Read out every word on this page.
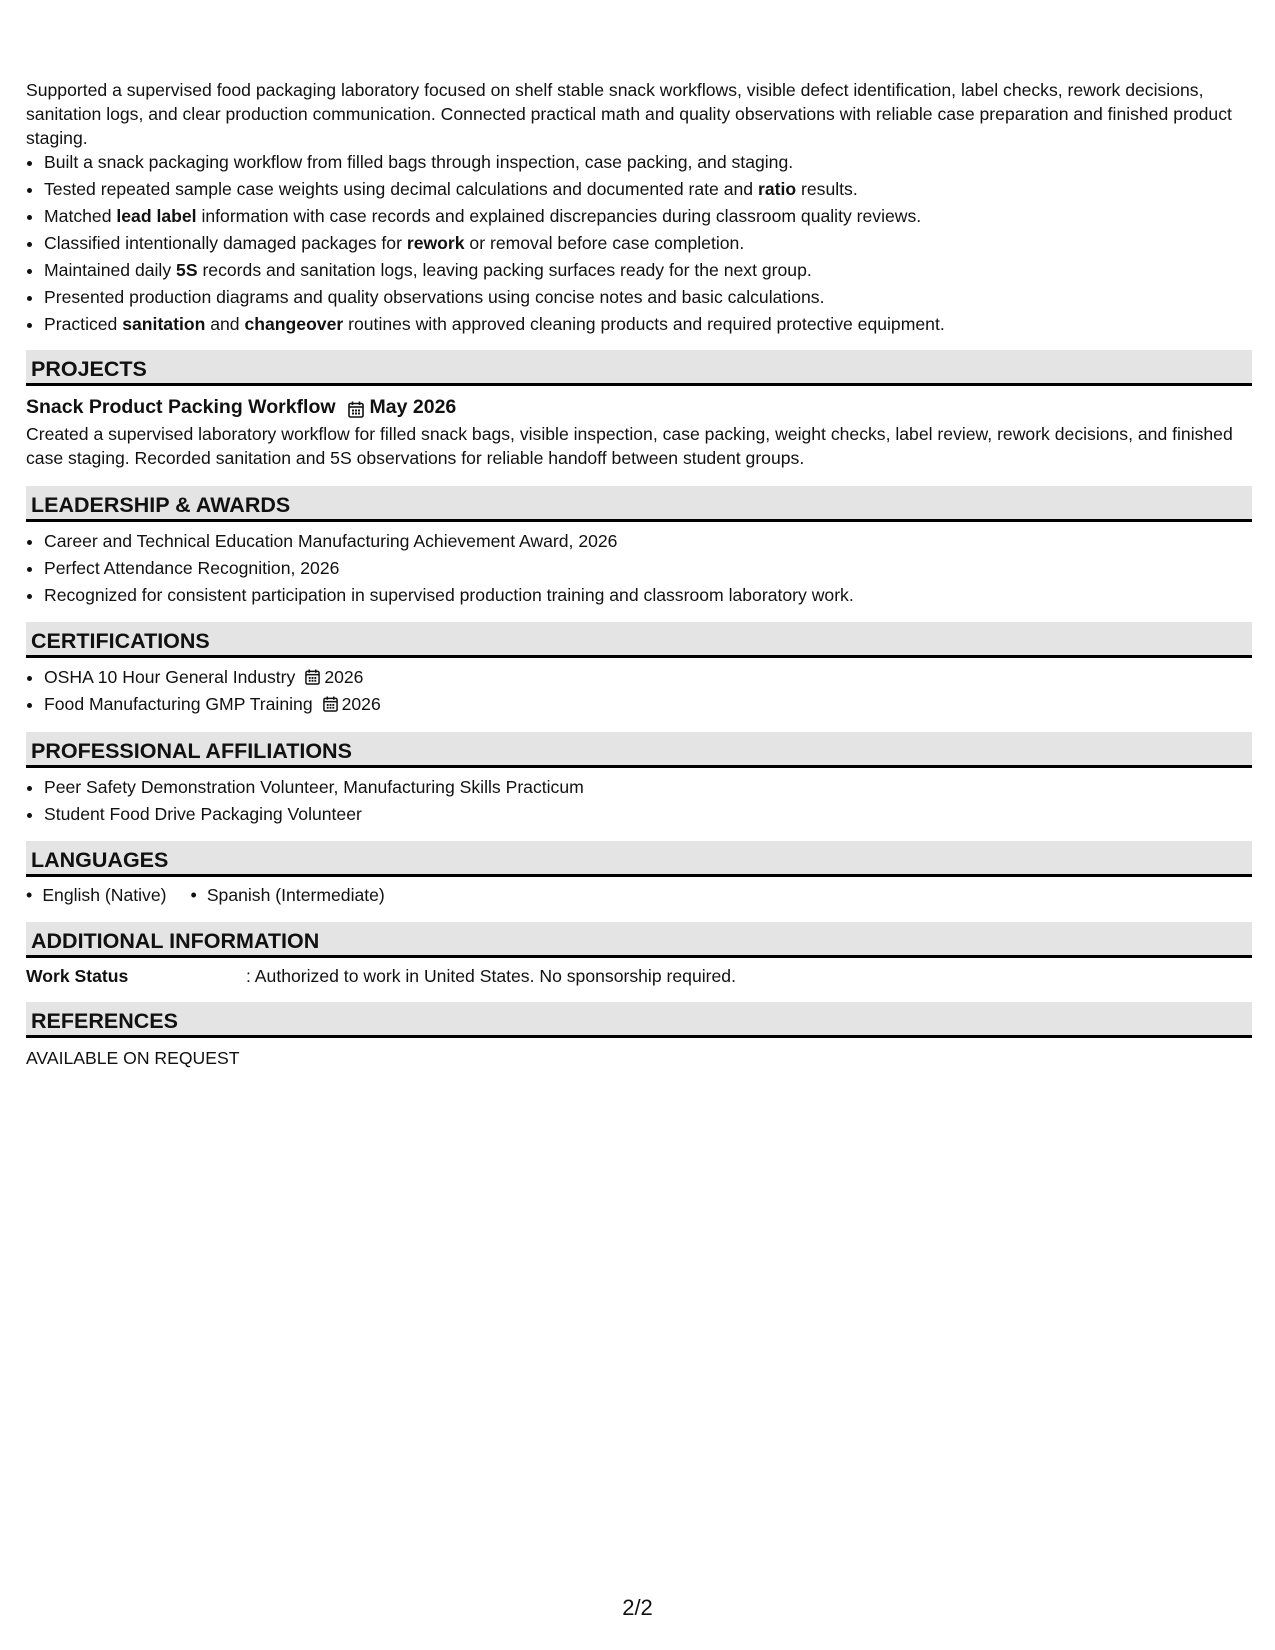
Supported a supervised food packaging laboratory focused on shelf stable snack workflows, visible defect identification, label checks, rework decisions, sanitation logs, and clear production communication. Connected practical math and quality observations with reliable case preparation and finished product staging.

• Built a snack packaging workflow from filled bags through inspection, case packing, and staging.
• Tested repeated sample case weights using decimal calculations and documented rate and ratio results.
• Matched lead label information with case records and explained discrepancies during classroom quality reviews.
• Classified intentionally damaged packages for rework or removal before case completion.
• Maintained daily 5S records and sanitation logs, leaving packing surfaces ready for the next group.
• Presented production diagrams and quality observations using concise notes and basic calculations.
• Practiced sanitation and changeover routines with approved cleaning products and required protective equipment.
PROJECTS
Snack Product Packing Workflow May 2026

Created a supervised laboratory workflow for filled snack bags, visible inspection, case packing, weight checks, label review, rework decisions, and finished case staging. Recorded sanitation and 5S observations for reliable handoff between student groups.

LEADERSHIP & AWARDS
• Career and Technical Education Manufacturing Achievement Award, 2026
• Perfect Attendance Recognition, 2026
• Recognized for consistent participation in supervised production training and classroom laboratory work.
CERTIFICATIONS
• OSHA 10 Hour General Industry 2026
• Food Manufacturing GMP Training 2026
PROFESSIONAL AFFILIATIONS
• Peer Safety Demonstration Volunteer, Manufacturing Skills Practicum
• Student Food Drive Packaging Volunteer
LANGUAGES
• English (Native)
•	Spanish (Intermediate)
ADDITIONAL INFORMATION
Work Status	: Authorized to work in United States. No sponsorship required.
REFERENCES
AVAILABLE ON REQUEST
2/2
